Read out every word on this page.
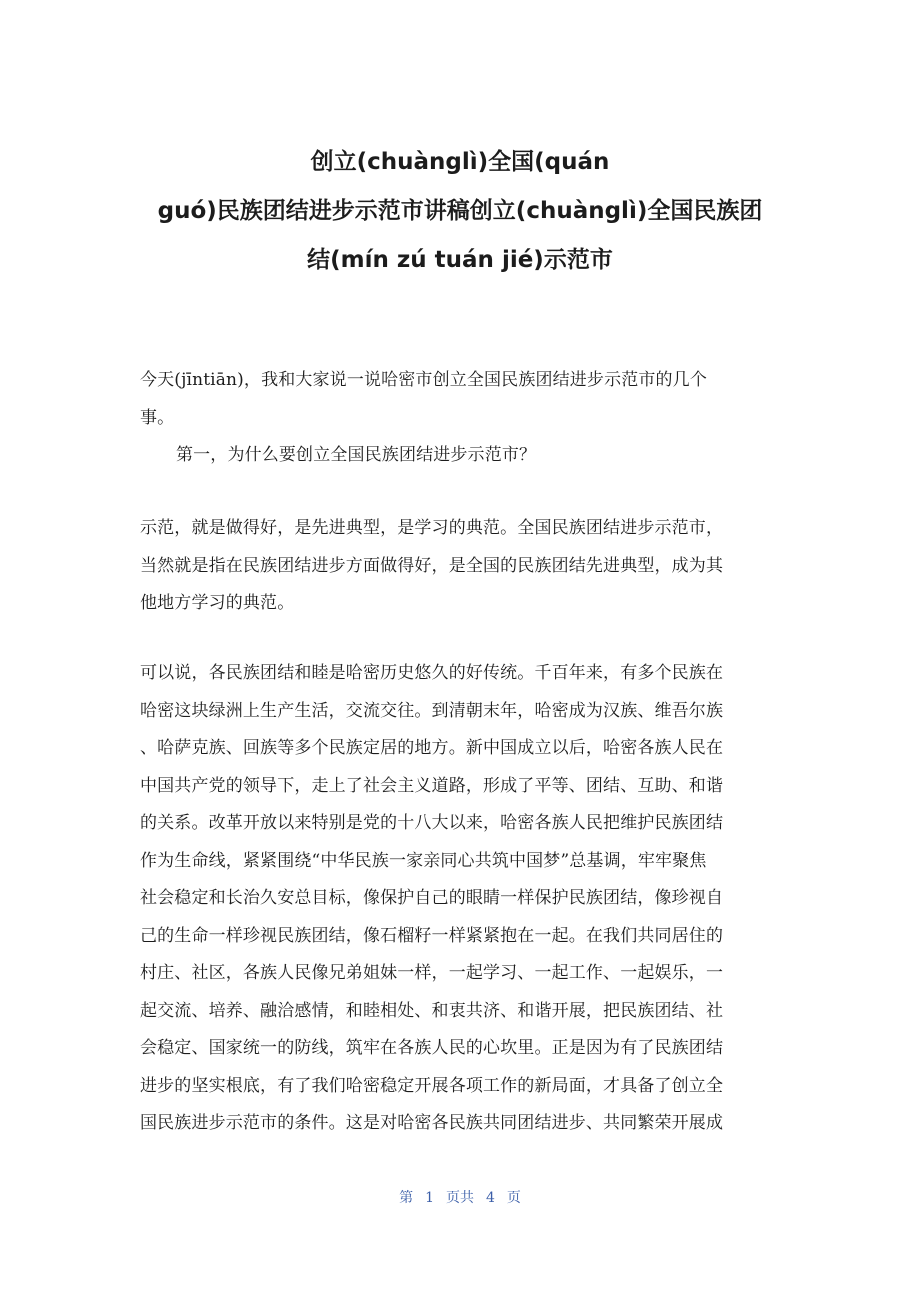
创立(chuànglì)全国(quán
guó)民族团结进步示范市讲稿创立(chuànglì)全国民族团
结(mín zú tuán jié)示范市

今天(jīntiān)，我和大家说一说哈密市创立全国民族团结进步示范市的几个
事。

第一，为什么要创立全国民族团结进步示范市？

示范，就是做得好，是先进典型，是学习的典范。全国民族团结进步示范市，
当然就是指在民族团结进步方面做得好，是全国的民族团结先进典型，成为其
他地方学习的典范。

可以说，各民族团结和睦是哈密历史悠久的好传统。千百年来，有多个民族在
哈密这块绿洲上生产生活，交流交往。到清朝末年，哈密成为汉族、维吾尔族
、哈萨克族、回族等多个民族定居的地方。新中国成立以后，哈密各族人民在
中国共产党的领导下，走上了社会主义道路，形成了平等、团结、互助、和谐
的关系。改革开放以来特别是党的十八大以来，哈密各族人民把维护民族团结
作为生命线，紧紧围绕“中华民族一家亲同心共筑中国梦”总基调，牢牢聚焦
社会稳定和长治久安总目标，像保护自己的眼睛一样保护民族团结，像珍视自
己的生命一样珍视民族团结，像石榴籽一样紧紧抱在一起。在我们共同居住的
村庄、社区，各族人民像兄弟姐妹一样，一起学习、一起工作、一起娱乐，一
起交流、培养、融洽感情，和睦相处、和衷共济、和谐开展，把民族团结、社
会稳定、国家统一的防线，筑牢在各族人民的心坎里。正是因为有了民族团结
进步的坚实根底，有了我们哈密稳定开展各项工作的新局面，才具备了创立全
国民族进步示范市的条件。这是对哈密各民族共同团结进步、共同繁荣开展成

第 1 页共 4 页
